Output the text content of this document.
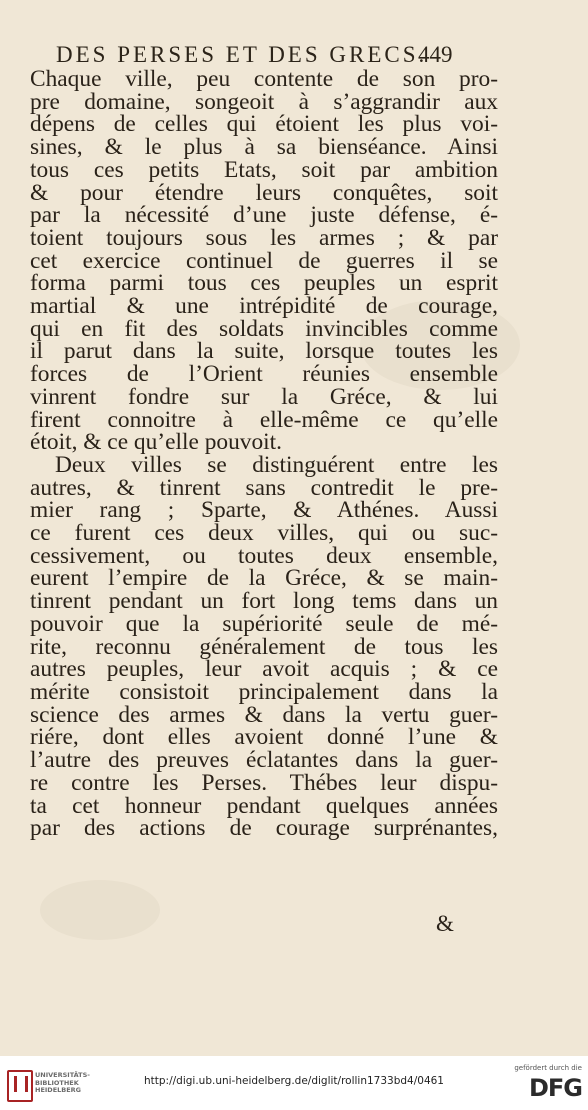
DES PERSES ET DES GRECS.
449
Chaque ville, peu contente de son pro-
pre domaine, songeoit à s’aggrandir aux
dépens de celles qui étoient les plus voi-
sines, & le plus à sa bienséance. Ainsi
tous ces petits Etats, soit par ambition
& pour étendre leurs conquêtes, soit
par la nécessité d’une juste défense, é-
toient toujours sous les armes ; & par
cet exercice continuel de guerres il se
forma parmi tous ces peuples un esprit
martial & une intrépidité de courage,
qui en fit des soldats invincibles comme
il parut dans la suite, lorsque toutes les
forces de l’Orient réunies ensemble
vinrent fondre sur la Gréce, & lui
firent connoitre à elle-même ce qu’elle
étoit, & ce qu’elle pouvoit.
Deux villes se distinguérent entre les
autres, & tinrent sans contredit le pre-
mier rang ; Sparte, & Athénes. Aussi
ce furent ces deux villes, qui ou suc-
cessivement, ou toutes deux ensemble,
eurent l’empire de la Gréce, & se main-
tinrent pendant un fort long tems dans un
pouvoir que la supériorité seule de mé-
rite, reconnu généralement de tous les
autres peuples, leur avoit acquis ; & ce
mérite consistoit principalement dans la
science des armes & dans la vertu guer-
riére, dont elles avoient donné l’une &
l’autre des preuves éclatantes dans la guer-
re contre les Perses. Thébes leur dispu-
ta cet honneur pendant quelques années
par des actions de courage surprénantes,
&
UNIVERSITÄTS-
BIBLIOTHEK
HEIDELBERG
http://digi.ub.uni-heidelberg.de/diglit/rollin1733bd4/0461
gefördert durch die
DFG
